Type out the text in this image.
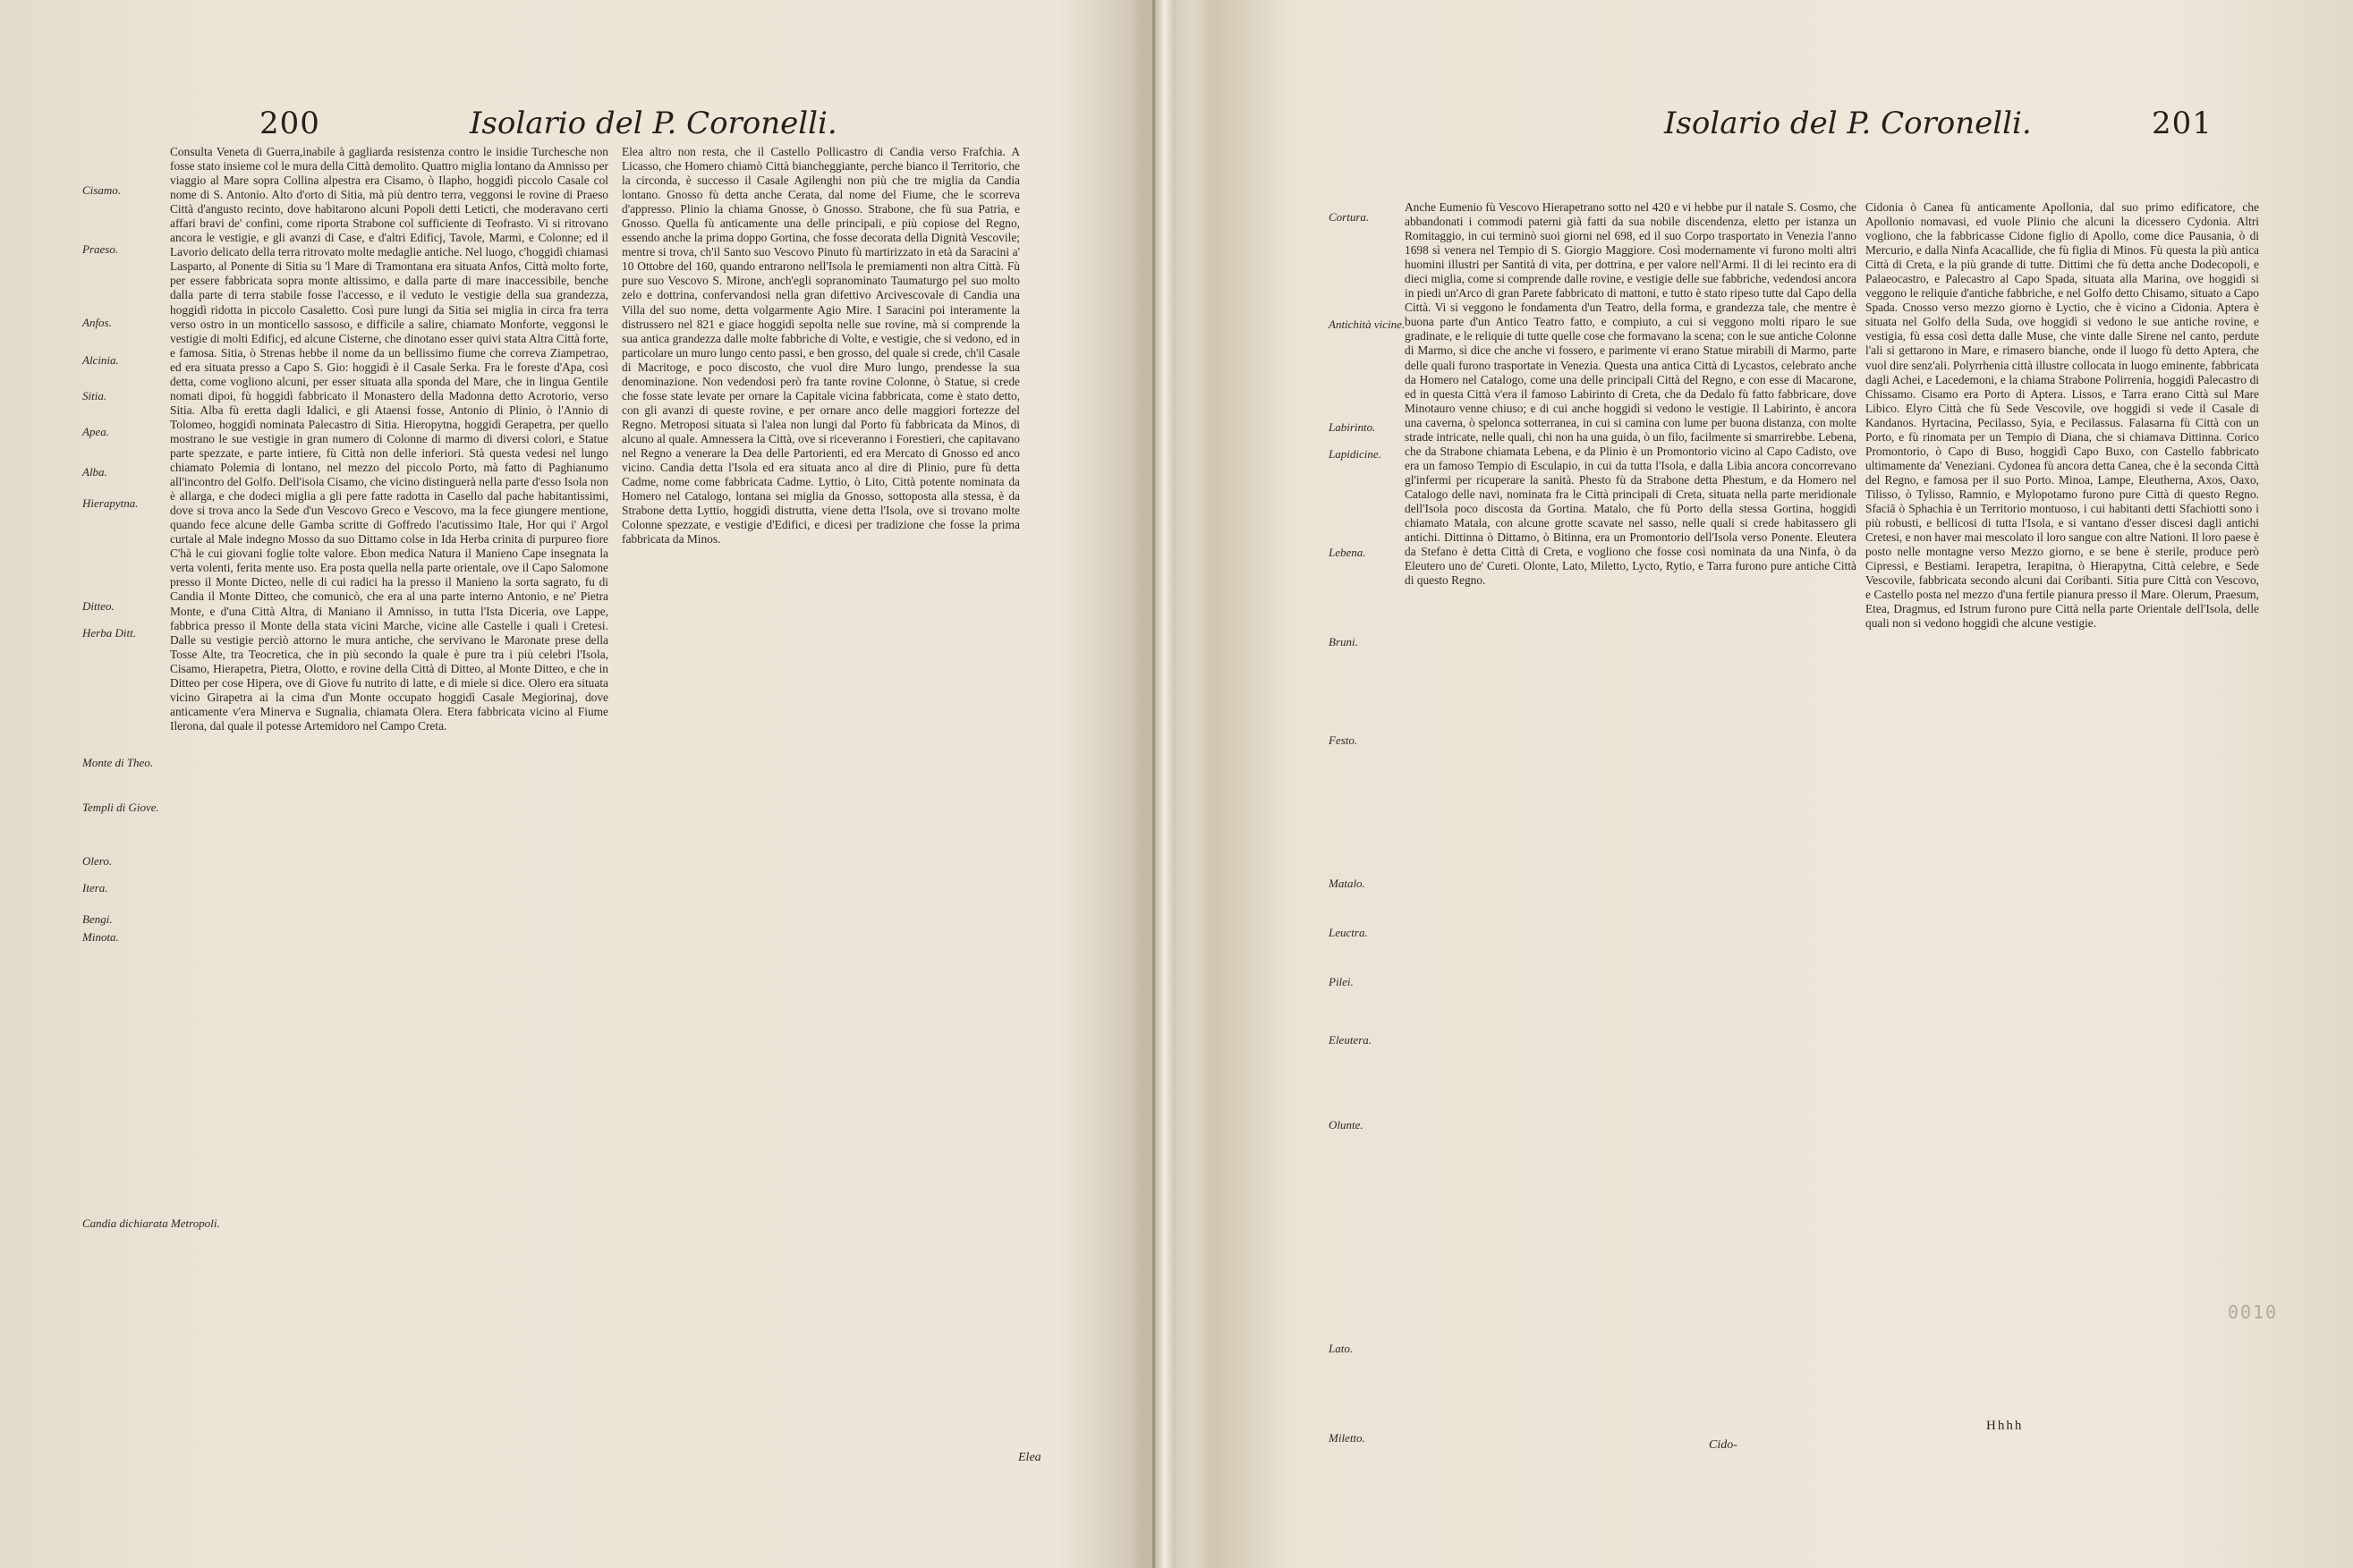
200	Isolario del P. Coronelli.
Cisamo.
Praeso.
Anfos.
Alcinia.
Sitia.
Apea.
Alba.
Hierapytna.
Ditteo.
Herba Ditt.
Monte di Theo.
Templi di Giove.
Olero.
Itera.
Bengi.
Minota.
Candia dichiarata Metropoli.

Consulta Veneta di Guerra,inabile à gagliarda resistenza contro le insidie Turchesche non fosse stato insieme col le mura della Città demolito. Quattro miglia lontano da Amnisso per viaggio al Mare sopra Collina alpestra era Cisamo, ò Ilapho, hoggidì piccolo Casale col nome di S. Antonio. Alto d'orto di Sitia, mà più dentro terra, veggonsi le rovine di Praeso Città d'angusto recinto, dove habitarono alcuni Popoli detti Leticti, che moderavano certi affari bravi de' confini, come riporta Strabone col sufficiente di Teofrasto. Vi si ritrovano ancora le vestigie, e gli avanzi di Case, e d'altri Edificj, Tavole, Marmi, e Colonne; ed il Lavorio delicato della terra ritrovato molte medaglie antiche. Nel luogo, c'hoggidì chiamasi Lasparto, al Ponente di Sitia su 'l Mare di Tramontana era situata Anfos, Città molto forte, per essere fabbricata sopra monte altissimo, e dalla parte di mare inaccessibile, benche dalla parte di terra stabile fosse l'accesso, e il veduto le vestigie della sua grandezza, hoggidì ridotta in piccolo Casaletto. Così pure lungi da Sitia sei miglia in circa fra terra verso ostro in un monticello sassoso, e difficile a salire, chiamato Monforte, veggonsi le vestigie di molti Edificj, ed alcune Cisterne, che dinotano esser quivi stata Altra Città forte, e famosa. Sitia, ò Strenas hebbe il nome da un bellissimo fiume che correva Ziampetrao, ed era situata presso a Capo S. Gio: hoggidì è il Casale Serka. Fra le foreste d'Apa, così detta, come vogliono alcuni, per esser situata alla sponda del Mare, che in lingua Gentile nomati dipoi, fù hoggidì fabbricato il Monastero della Madonna detto Acrotorio, verso Sitia. Alba fù eretta dagli Idalici, e gli Ataensi fosse, Antonio di Plinio, ò l'Annio di Tolomeo, hoggidì nominata Palecastro di Sitia. Hieropytna, hoggidì Gerapetra, per quello mostrano le sue vestigie in gran numero di Colonne di marmo di diversi colori, e Statue parte spezzate, e parte intiere, fù Città non delle inferiori. Stà questa vedesi nel lungo chiamato Polemia di lontano, nel mezzo del piccolo Porto, mà fatto di Paghianumo all'incontro del Golfo. Dell'isola Cisamo, che vicino distinguerà nella parte d'esso Isola non è allarga, e che dodeci miglia a gli pere fatte radotta in Casello dal pache habitantissimi, dove si trova anco la Sede d'un Vescovo Greco e Vescovo, ma la fece giungere mentione, quando fece alcune delle Gamba scritte di Goffredo l'acutissimo Itale, Hor qui i' Argol curtale al Male indegno Mosso da suo Dittamo colse in Ida Herba crinita di purpureo fiore C'hà le cui giovani foglie tolte valore. Ebon medica Natura il Manieno Cape insegnata la verta volenti, ferita mente uso. Era posta quella nella parte orientale, ove il Capo Salomone presso il Monte Dicteo, nelle di cui radici ha la presso il Manieno la sorta sagrato, fu di Candia il Monte Ditteo, che comunicò, che era al una parte interno Antonio, e ne' Pietra Monte, e d'una Città Altra, di Maniano il Amnisso, in tutta l'Ista Diceria, ove Lappe, fabbrica presso il Monte della stata vicini Marche, vicine alle Castelle i quali i Cretesi. Dalle su vestigie perciò attorno le mura antiche, che servivano le Maronate prese della Tosse Alte, tra Teocretica, che in più secondo la quale è pure tra i più celebri l'Isola, Cisamo, Hierapetra, Pietra, Olotto, e rovine della Città di Ditteo, al Monte Ditteo, e che in Ditteo per cose Hipera, ove di Giove fu nutrito di latte, e di miele si dice. Olero era situata vicino Girapetra ai la cima d'un Monte occupato hoggidì Casale Megiorinaj, dove anticamente v'era Minerva e Sugnalia, chiamata Olera. Etera fabbricata vicino al Fiume Ilerona, dal quale il potesse Artemidoro nel Campo Creta.

Elea altro non resta, che il Castello Pollicastro di Candia verso Frafchia. A Licasso, che Homero chiamò Città biancheggiante, perche bianco il Territorio, che la circonda, è successo il Casale Agilenghi non più che tre miglia da Candia lontano. Gnosso fù detta anche Cerata, dal nome del Fiume, che le scorreva d'appresso. Plinio la chiama Gnosse, ò Gnosso. Strabone, che fù sua Patria, e Gnosso. Quella fù anticamente una delle principali, e più copiose del Regno, essendo anche la prima doppo Gortina, che fosse decorata della Dignità Vescovile; mentre si trova, ch'il Santo suo Vescovo Pinuto fù martirizzato in età da Saracini a' 10 Ottobre del 160, quando entrarono nell'Isola le premiamenti non altra Città. Fù pure suo Vescovo S. Mirone, anch'egli sopranominato Taumaturgo pel suo molto zelo e dottrina, confervandosi nella gran difettivo Arcivescovale di Candia una Villa del suo nome, detta volgarmente Agio Mire. I Saracini poi interamente la distrussero nel 821 e giace hoggidì sepolta nelle sue rovine, mà si comprende la sua antica grandezza dalle molte fabbriche di Volte, e vestigie, che si vedono, ed in particolare un muro lungo cento passi, e ben grosso, del quale si crede, ch'il Casale di Macritoge, e poco discosto, che vuol dire Muro lungo, prendesse la sua denominazione. Non vedendosi però fra tante rovine Colonne, ò Statue, si crede che fosse state levate per ornare la Capitale vicina fabbricata, come è stato detto, con gli avanzi di queste rovine, e per ornare anco delle maggiori fortezze del Regno. Metroposi situata sì l'alea non lungi dal Porto fù fabbricata da Minos, di alcuno al quale. Amnessera la Città, ove si riceveranno i Forestieri, che capitavano nel Regno a venerare la Dea delle Partorienti, ed era Mercato di Gnosso ed anco vicino. Candia detta l'Isola ed era situata anco al dire di Plinio, pure fù detta Cadme, nome come fabbricata Cadme. Lyttio, ò Lito, Città potente nominata da Homero nel Catalogo, lontana sei miglia da Gnosso, sottoposta alla stessa, è da Strabone detta Lyttio, hoggidì distrutta, viene detta l'Isola, ove si trovano molte Colonne spezzate, e vestigie d'Edifici, e dicesi per tradizione che fosse la prima fabbricata da Minos.

Elea
Isolario del P. Coronelli.	201
Cortura.
Antichità vicine.
Labirinto.
Lapidicine.
Lebena.
Bruni.
Festo.
Matalo.
Leuctra.
Pilei.
Eleutera.
Olunte.
Lato.
Miletto.

Anche Eumenio fù Vescovo Hierapetrano sotto nel 420 e vi hebbe pur il natale S. Cosmo, che abbandonati i commodi paterni già fatti da sua nobile discendenza, eletto per istanza un Romitaggio, in cui terminò suoi giorni nel 698, ed il suo Corpo trasportato in Venezia l'anno 1698 sì venera nel Tempio di S. Giorgio Maggiore. Così modernamente vi furono molti altri huomini illustri per Santità di vita, per dottrina, e per valore nell'Armi. Il di lei recinto era di dieci miglia, come si comprende dalle rovine, e vestigie delle sue fabbriche, vedendosi ancora in piedi un'Arco di gran Parete fabbricato di mattoni, e tutto è stato ripeso tutte dal Capo della Città. Vi si veggono le fondamenta d'un Teatro, della forma, e grandezza tale, che mentre è buona parte d'un Antico Teatro fatto, e compiuto, a cui si veggono molti riparo le sue gradinate, e le reliquie di tutte quelle cose che formavano la scena; con le sue antiche Colonne di Marmo, sì dice che anche vi fossero, e parimente vi erano Statue mirabili di Marmo, parte delle quali furono trasportate in Venezia. Questa una antica Città di Lycastos, celebrato anche da Homero nel Catalogo, come una delle principali Città del Regno, e con esse di Macarone, ed in questa Città v'era il famoso Labirinto di Creta, che da Dedalo fù fatto fabbricare, dove Minotauro venne chiuso; e di cui anche hoggidì si vedono le vestigie. Il Labirinto, è ancora una caverna, ò spelonca sotterranea, in cui si camina con lume per buona distanza, con molte strade intricate, nelle quali, chi non ha una guida, ò un filo, facilmente si smarrirebbe. Lebena, che da Strabone chiamata Lebena, e da Plinio è un Promontorio vicino al Capo Cadisto, ove era un famoso Tempio di Esculapio, in cui da tutta l'Isola, e dalla Libia ancora concorrevano gl'infermi per ricuperare la sanità. Phesto fù da Strabone detta Phestum, e da Homero nel Catalogo delle navi, nominata fra le Città principali di Creta, situata nella parte meridionale dell'Isola poco discosta da Gortina. Matalo, che fù Porto della stessa Gortina, hoggidì chiamato Matala, con alcune grotte scavate nel sasso, nelle quali si crede habitassero gli antichi. Dittinna ò Dittamo, ò Bitinna, era un Promontorio dell'Isola verso Ponente. Eleutera da Stefano è detta Città di Creta, e vogliono che fosse così nominata da una Ninfa, ò da Eleutero uno de' Cureti. Olonte, Lato, Miletto, Lycto, Rytio, e Tarra furono pure antiche Città di questo Regno.

Cidonia ò Canea fù anticamente Apollonia, dal suo primo edificatore, che Apollonio nomavasi, ed vuole Plinio che alcuni la dicessero Cydonia. Altri vogliono, che la fabbricasse Cidone figlio di Apollo, come dice Pausania, ò di Mercurio, e dalla Ninfa Acacallide, che fù figlia di Minos. Fù questa la più antica Città di Creta, e la più grande di tutte. Dittimi che fù detta anche Dodecopoli, e Palaeocastro, e Palecastro al Capo Spada, situata alla Marina, ove hoggidì si veggono le reliquie d'antiche fabbriche, e nel Golfo detto Chisamo, situato a Capo Spada. Cnosso verso mezzo giorno è Lyctio, che è vicino a Cidonia. Aptera è situata nel Golfo della Suda, ove hoggidì si vedono le sue antiche rovine, e vestigia, fù essa così detta dalle Muse, che vinte dalle Sirene nel canto, perdute l'ali si gettarono in Mare, e rimasero bianche, onde il luogo fù detto Aptera, che vuol dire senz'ali. Polyrrhenia città illustre collocata in luogo eminente, fabbricata dagli Achei, e Lacedemoni, e la chiama Strabone Polirrenia, hoggidì Palecastro di Chissamo. Cisamo era Porto di Aptera. Lissos, e Tarra erano Città sul Mare Libico. Elyro Città che fù Sede Vescovile, ove hoggidì si vede il Casale di Kandanos. Hyrtacina, Pecilasso, Syia, e Pecilassus. Falasarna fù Città con un Porto, e fù rinomata per un Tempio di Diana, che si chiamava Dittinna. Corico Promontorio, ò Capo di Buso, hoggidì Capo Buxo, con Castello fabbricato ultimamente da' Veneziani. Cydonea fù ancora detta Canea, che è la seconda Città del Regno, e famosa per il suo Porto. Minoa, Lampe, Eleutherna, Axos, Oaxo, Tilisso, ò Tylisso, Ramnio, e Mylopotamo furono pure Città di questo Regno. Sfaciā ò Sphachia è un Territorio montuoso, i cui habitanti detti Sfachiotti sono i più robusti, e bellicosi di tutta l'Isola, e si vantano d'esser discesi dagli antichi Cretesi, e non haver mai mescolato il loro sangue con altre Nationi. Il loro paese è posto nelle montagne verso Mezzo giorno, e se bene è sterile, produce però Cipressi, e Bestiami. Ierapetra, Ierapitna, ò Hierapytna, Città celebre, e Sede Vescovile, fabbricata secondo alcuni dai Coribanti. Sitia pure Città con Vescovo, e Castello posta nel mezzo d'una fertile pianura presso il Mare. Olerum, Praesum, Etea, Dragmus, ed Istrum furono pure Città nella parte Orientale dell'Isola, delle quali non si vedono hoggidì che alcune vestigie.

Cido-
Hhhh
0010
